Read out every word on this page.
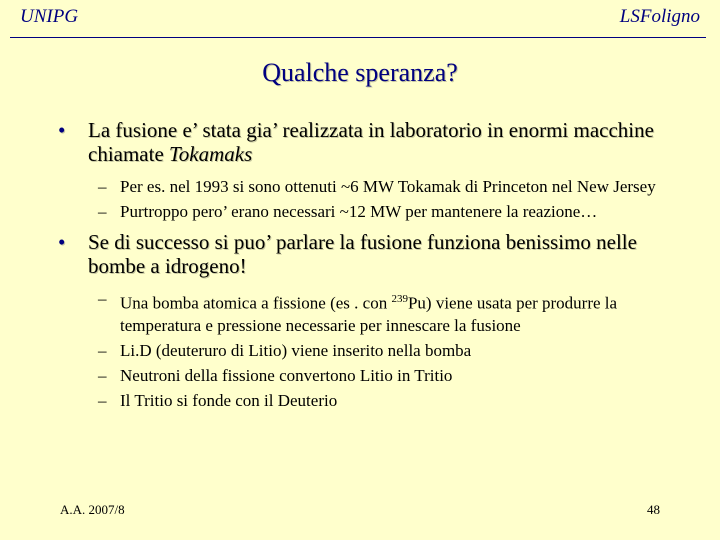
UNIPG	LSFoligno
Qualche speranza?
• La fusione e’ stata gia’ realizzata in laboratorio in enormi macchine chiamate Tokamaks
– Per es. nel 1993 si sono ottenuti ~6 MW Tokamak di Princeton nel New Jersey
– Purtroppo pero’ erano necessari ~12 MW per mantenere la reazione…
• Se di successo si puo’ parlare la fusione funziona benissimo nelle bombe a idrogeno!
– Una bomba atomica a fissione (es . con $^{239}$Pu) viene usata per produrre la temperatura e pressione necessarie per innescare la fusione
– Li.D (deuteruro di Litio) viene inserito nella bomba
– Neutroni della fissione convertono Litio in Tritio
– Il Tritio si fonde con il Deuterio
A.A. 2007/8	48
